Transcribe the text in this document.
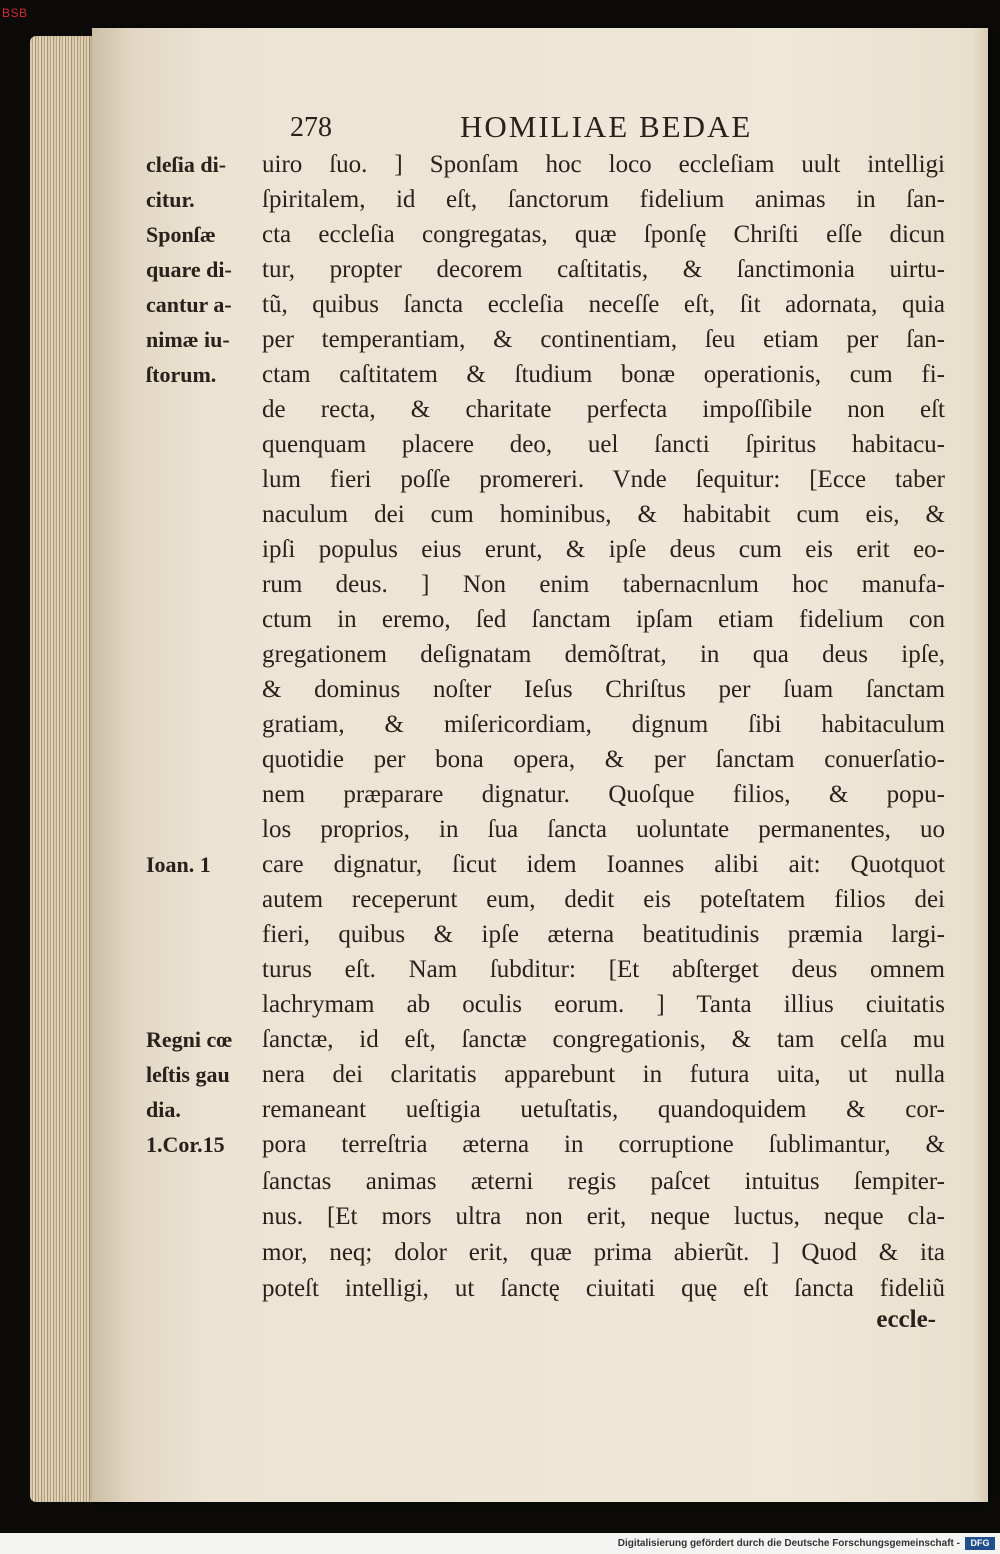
BSB
278	HOMILIAE BEDAE
cleſia di-	uiro ſuo. ] Sponſam hoc loco eccleſiam uult intelligi
citur.	ſpiritalem, id eſt, ſanctorum fidelium animas in ſan-
Sponſæ	cta eccleſia congregatas, quæ ſponſę Chriſti eſſe dicun
quare di-	tur, propter decorem caſtitatis, & ſanctimonia uirtu-
cantur a-	tũ, quibus ſancta eccleſia neceſſe eſt, ſit adornata, quia
nimæ iu-	per temperantiam, & continentiam, ſeu etiam per ſan-
ſtorum.	ctam caſtitatem & ſtudium bonæ operationis, cum fi-
de recta, & charitate perfecta impoſſibile non eſt
quenquam placere deo, uel ſancti ſpiritus habitacu-
lum fieri poſſe promereri. Vnde ſequitur: [Ecce taber
naculum dei cum hominibus, & habitabit cum eis, &
ipſi populus eius erunt, & ipſe deus cum eis erit eo-
rum deus. ] Non enim tabernacnlum hoc manufa-
ctum in eremo, ſed ſanctam ipſam etiam fidelium con
gregationem deſignatam demõſtrat, in qua deus ipſe,
& dominus noſter Ieſus Chriſtus per ſuam ſanctam
gratiam, & miſericordiam, dignum ſibi habitaculum
quotidie per bona opera, & per ſanctam conuerſatio-
nem præparare dignatur. Quoſque filios, & popu-
los proprios, in ſua ſancta uoluntate permanentes, uo
Ioan. 1	care dignatur, ſicut idem Ioannes alibi ait: Quotquot
autem receperunt eum, dedit eis poteſtatem filios dei
fieri, quibus & ipſe æterna beatitudinis præmia largi-
turus eſt. Nam ſubditur: [Et abſterget deus omnem
lachrymam ab oculis eorum. ] Tanta illius ciuitatis
Regni cœ	ſanctæ, id eſt, ſanctæ congregationis, & tam celſa mu
leſtis gau	nera dei claritatis apparebunt in futura uita, ut nulla
dia.	remaneant ueſtigia uetuſtatis, quandoquidem & cor-
1.Cor.15	pora terreſtria æterna in corruptione ſublimantur, &
ſanctas animas æterni regis paſcet intuitus ſempiter-
nus. [Et mors ultra non erit, neque luctus, neque cla-
mor, neq; dolor erit, quæ prima abierũt. ] Quod & ita
poteſt intelligi, ut ſanctę ciuitati quę eſt ſancta fideliũ
eccle-
Digitalisierung gefördert durch die Deutsche Forschungsgemeinschaft -	DFG
